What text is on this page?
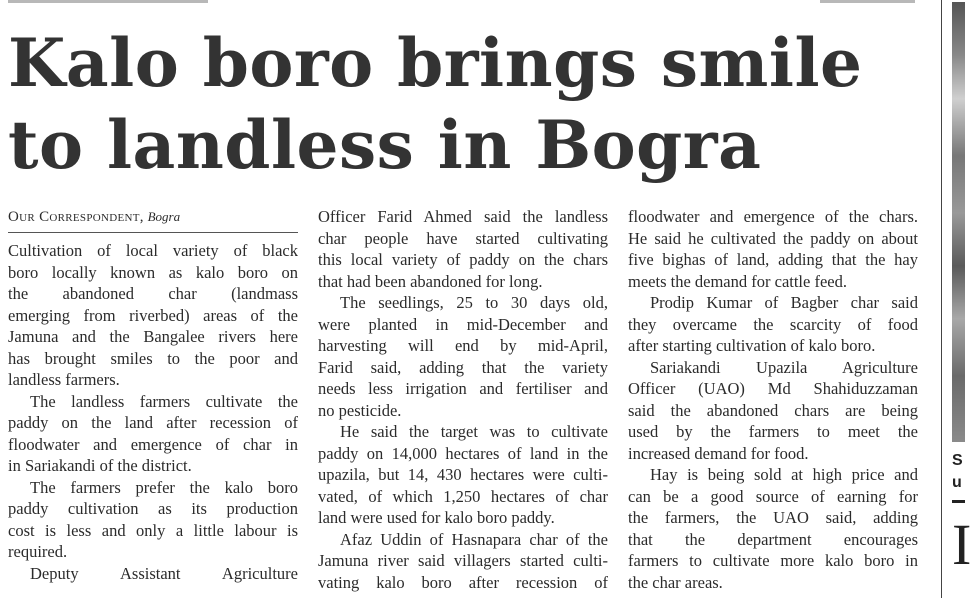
Kalo boro brings smile
to landless in Bogra
Our Correspondent, Bogra
Cultivation of local variety of black
boro locally known as kalo boro on
the abandoned char (landmass
emerging from riverbed) areas of the
Jamuna and the Bangalee rivers here
has brought smiles to the poor and
landless farmers.
The landless farmers cultivate the
paddy on the land after recession of
floodwater and emergence of char in
in Sariakandi of the district.
The farmers prefer the kalo boro
paddy cultivation as its production
cost is less and only a little labour is
required.
Deputy Assistant Agriculture
Officer Farid Ahmed said the landless
char people have started cultivating
this local variety of paddy on the chars
that had been abandoned for long.
The seedlings, 25 to 30 days old,
were planted in mid-December and
harvesting will end by mid-April,
Farid said, adding that the variety
needs less irrigation and fertiliser and
no pesticide.
He said the target was to cultivate
paddy on 14,000 hectares of land in the
upazila, but 14, 430 hectares were culti-
vated, of which 1,250 hectares of char
land were used for kalo boro paddy.
Afaz Uddin of Hasnapara char of the
Jamuna river said villagers started culti-
vating kalo boro after recession of
floodwater and emergence of the chars.
He said he cultivated the paddy on about
five bighas of land, adding that the hay
meets the demand for cattle feed.
Prodip Kumar of Bagber char said
they overcame the scarcity of food
after starting cultivation of kalo boro.
Sariakandi Upazila Agriculture
Officer (UAO) Md Shahiduzzaman
said the abandoned chars are being
used by the farmers to meet the
increased demand for food.
Hay is being sold at high price and
can be a good source of earning for
the farmers, the UAO said, adding
that the department encourages
farmers to cultivate more kalo boro in
the char areas.
S
u
I
